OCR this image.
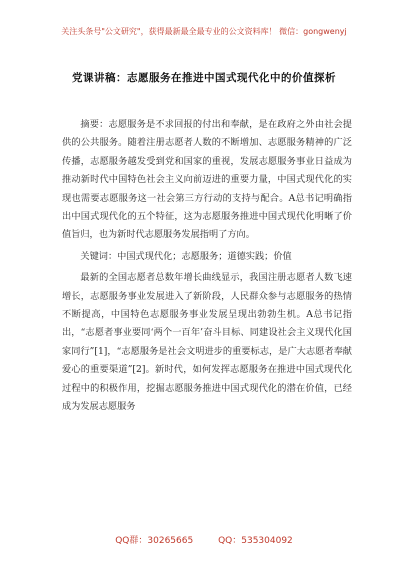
关注头条号"公文研究"，获得最新最全最专业的公文资料库！ 微信：gongwenyj
党课讲稿：志愿服务在推进中国式现代化中的价值探析

摘要：志愿服务是不求回报的付出和奉献，是在政府之外由社会提供的公共服务。随着注册志愿者人数的不断增加、志愿服务精神的广泛传播，志愿服务越发受到党和国家的重视，发展志愿服务事业日益成为推动新时代中国特色社会主义向前迈进的重要力量，中国式现代化的实现也需要志愿服务这一社会第三方行动的支持与配合。A总书记明确指出中国式现代化的五个特征，这为志愿服务推进中国式现代化明晰了价值旨归，也为新时代志愿服务发展指明了方向。

关键词：中国式现代化；志愿服务；道德实践；价值

最新的全国志愿者总数年增长曲线显示，我国注册志愿者人数飞速增长，志愿服务事业发展进入了新阶段，人民群众参与志愿服务的热情不断提高，中国特色志愿服务事业发展呈现出勃勃生机。A总书记指出，“志愿者事业要同‘两个一百年’奋斗目标、同建设社会主义现代化国家同行”[1]，“志愿服务是社会文明进步的重要标志，是广大志愿者奉献爱心的重要渠道”[2]。新时代，如何发挥志愿服务在推进中国式现代化过程中的积极作用，挖掘志愿服务推进中国式现代化的潜在价值，已经成为发展志愿服务

QQ群：30265665	QQ：535304092
